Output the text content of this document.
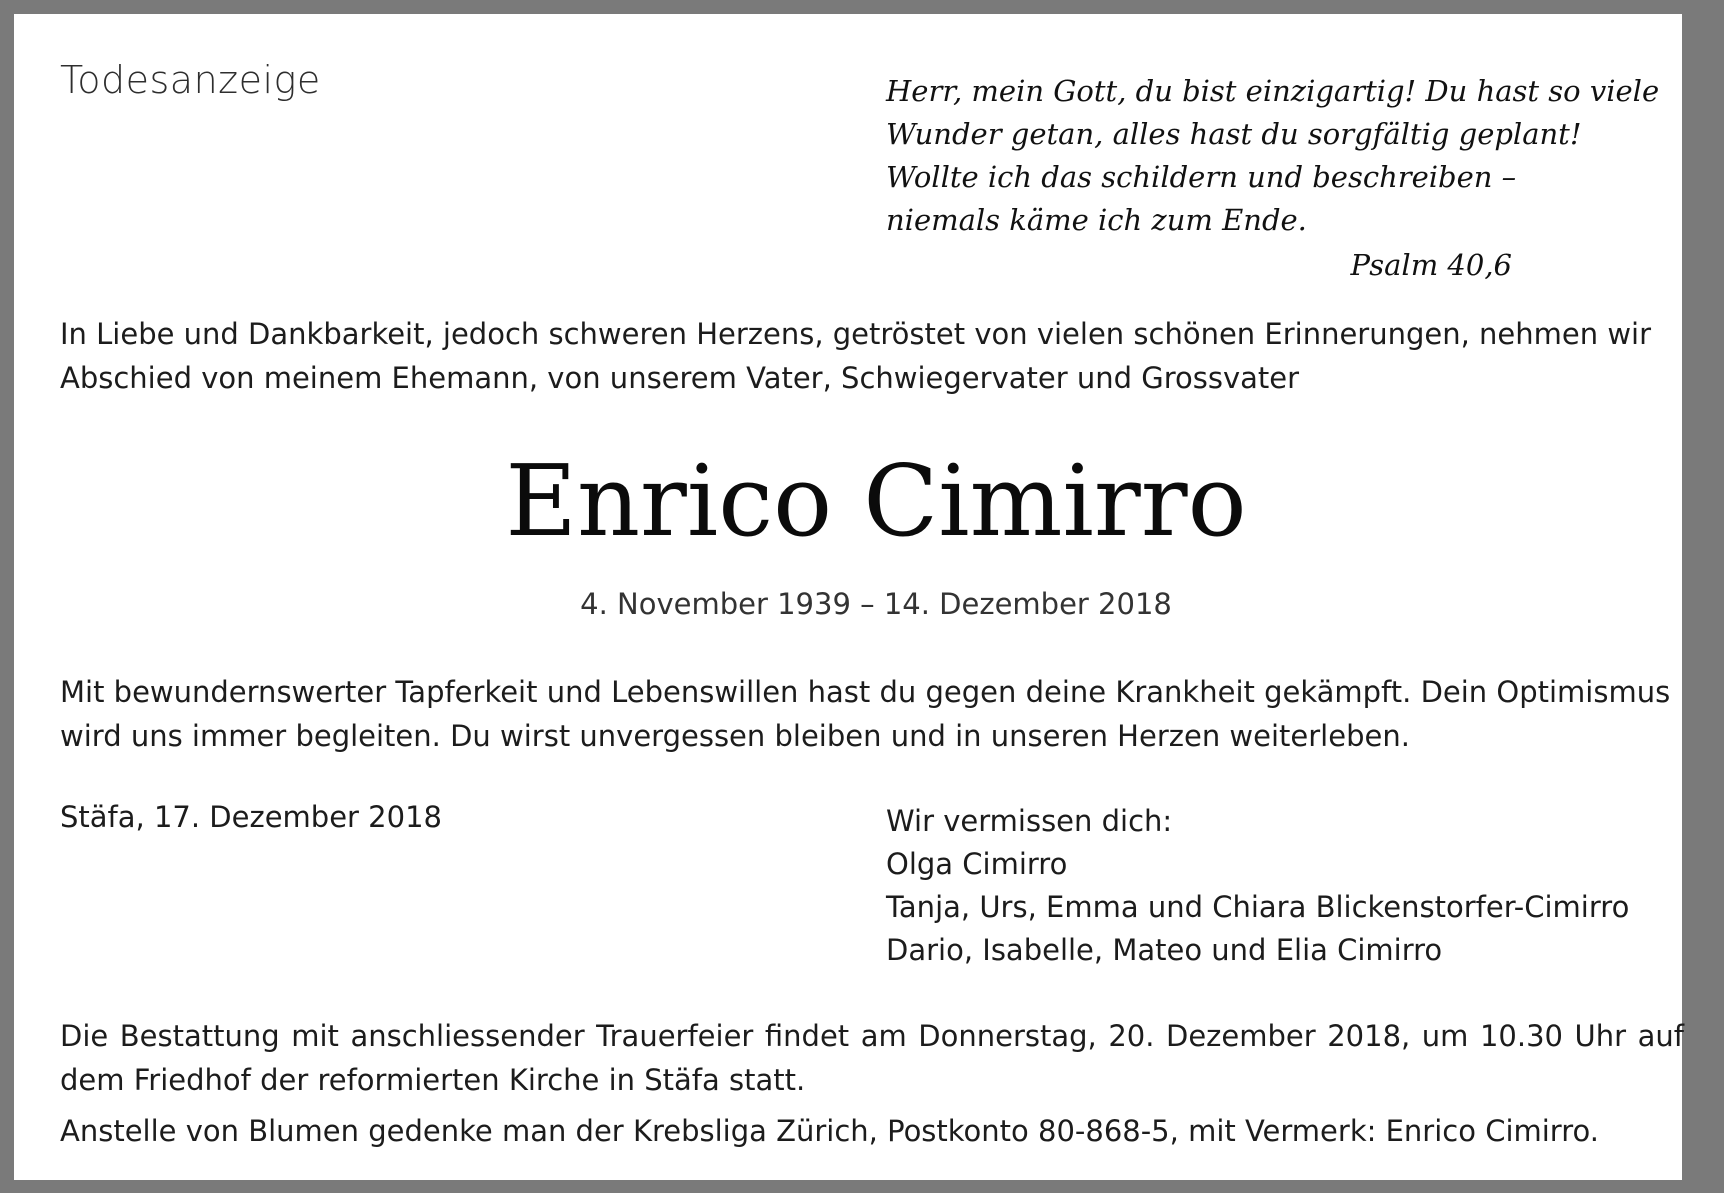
Todesanzeige	Herr, mein Gott, du bist einzigartig! Du hast so viele
Wunder getan, alles hast du sorgfältig geplant!
Wollte ich das schildern und beschreiben –
niemals käme ich zum Ende.
Psalm 40,6

In Liebe und Dankbarkeit, jedoch schweren Herzens, getröstet von vielen schönen Erinnerungen, nehmen wir Abschied von meinem Ehemann, von unserem Vater, Schwiegervater und Grossvater

Enrico Cimirro
4. November 1939 – 14. Dezember 2018

Mit bewundernswerter Tapferkeit und Lebenswillen hast du gegen deine Krankheit gekämpft. Dein Optimismus wird uns immer begleiten. Du wirst unvergessen bleiben und in unseren Herzen weiterleben.

Stäfa, 17. Dezember 2018	Wir vermissen dich:
Olga Cimirro
Tanja, Urs, Emma und Chiara Blickenstorfer-Cimirro
Dario, Isabelle, Mateo und Elia Cimirro

Die Bestattung mit anschliessender Trauerfeier findet am Donnerstag, 20. Dezember 2018, um 10.30 Uhr auf dem Friedhof der reformierten Kirche in Stäfa statt.

Anstelle von Blumen gedenke man der Krebsliga Zürich, Postkonto 80-868-5, mit Vermerk: Enrico Cimirro.
